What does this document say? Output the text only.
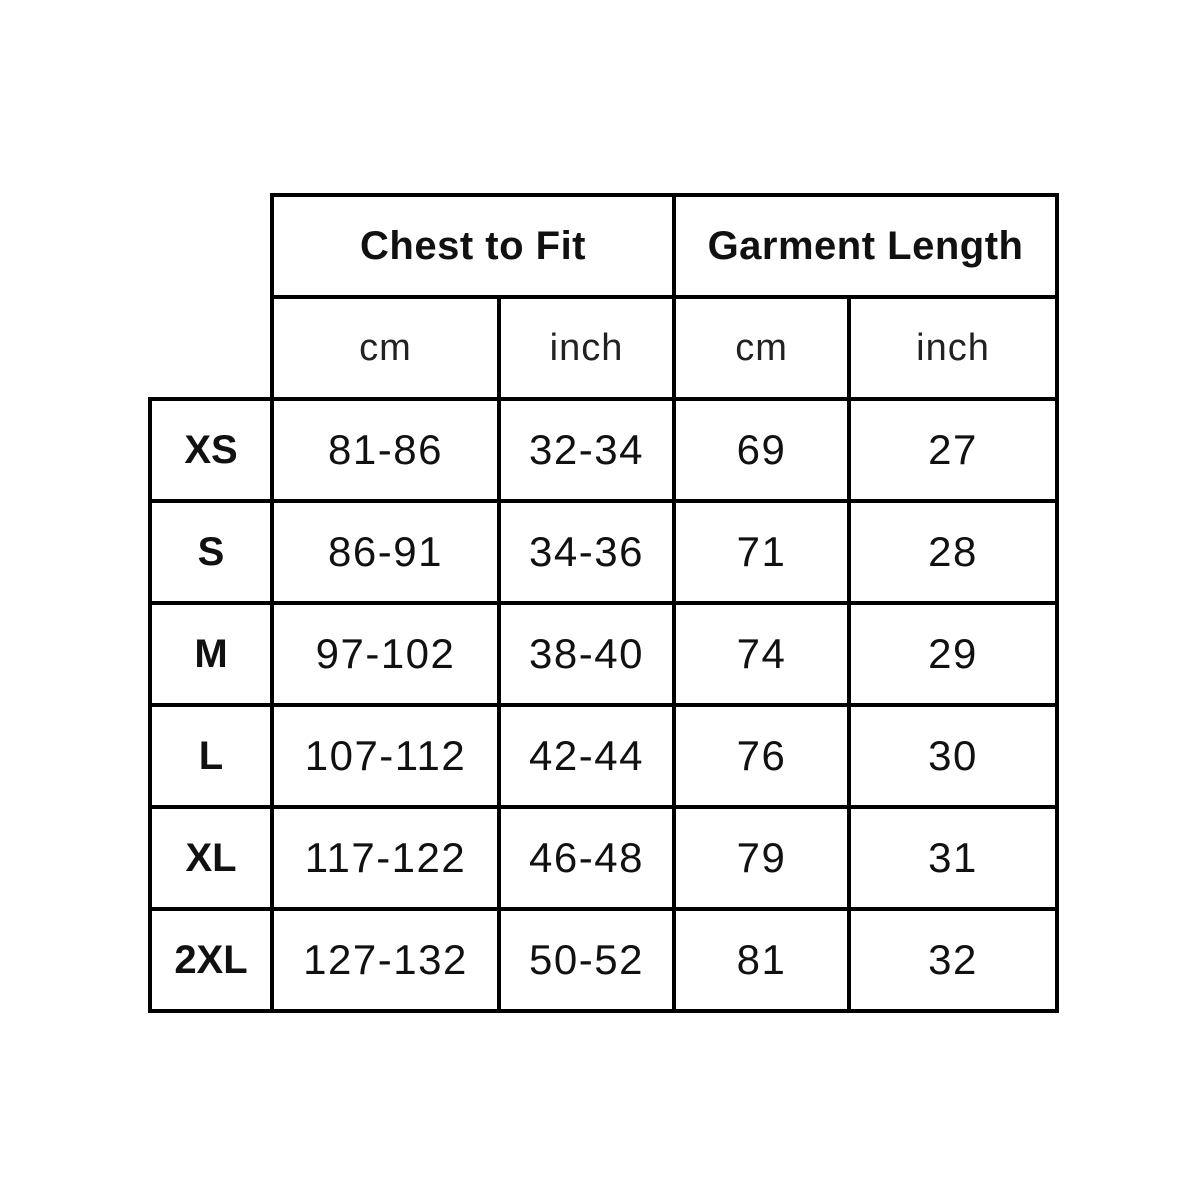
	Chest to Fit		Garment Length	
	cm	inch	cm	inch
XS	81-86	32-34	69	27
S	86-91	34-36	71	28
M	97-102	38-40	74	29
L	107-112	42-44	76	30
XL	117-122	46-48	79	31
2XL	127-132	50-52	81	32
